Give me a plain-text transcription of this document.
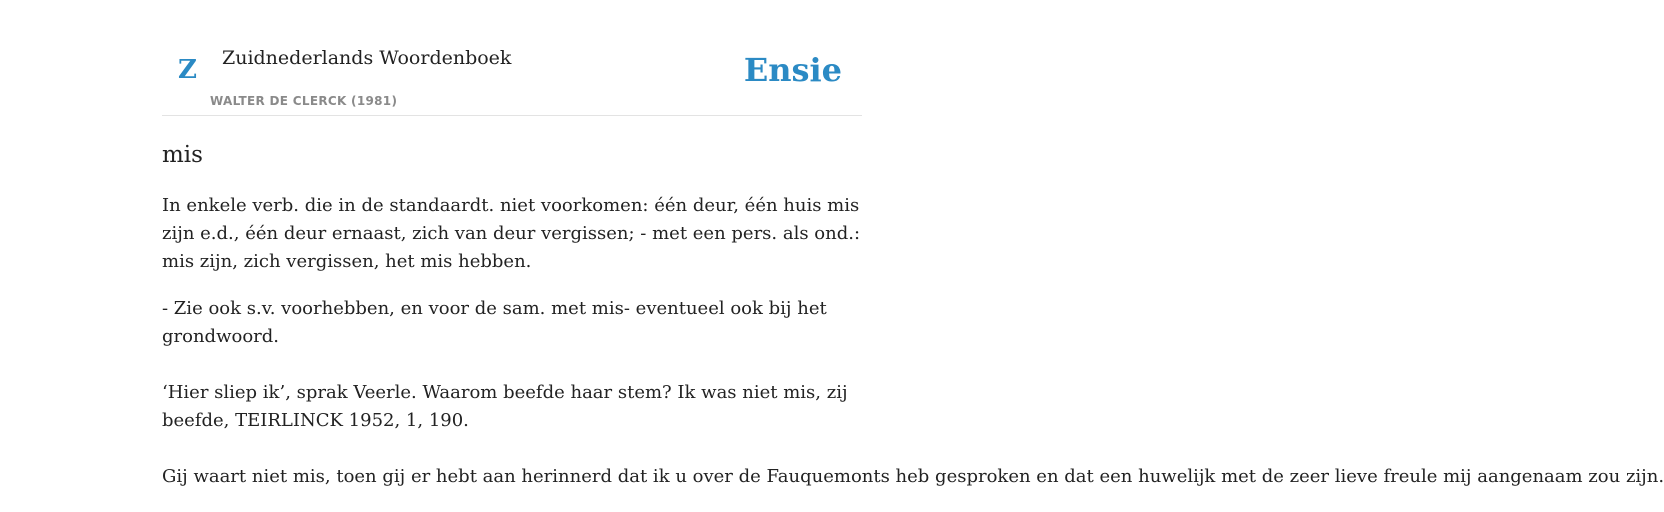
Z Zuidnederlands Woordenboek
WALTER DE CLERCK (1981)
Ensie
mis

In enkele verb. die in de standaardt. niet voorkomen: één deur, één huis mis zijn e.d., één deur ernaast, zich van deur vergissen; - met een pers. als ond.: mis zijn, zich vergissen, het mis hebben.

- Zie ook s.v. voorhebben, en voor de sam. met mis- eventueel ook bij het grondwoord.

‘Hier sliep ik’, sprak Veerle. Waarom beefde haar stem? Ik was niet mis, zij beefde, TEIRLINCK 1952, 1, 190.

Gij waart niet mis, toen gij er hebt aan herinnerd dat ik u over de Fauquemonts heb gesproken en dat een huwelijk met de zeer lieve freule mij aangenaam zou zijn.
